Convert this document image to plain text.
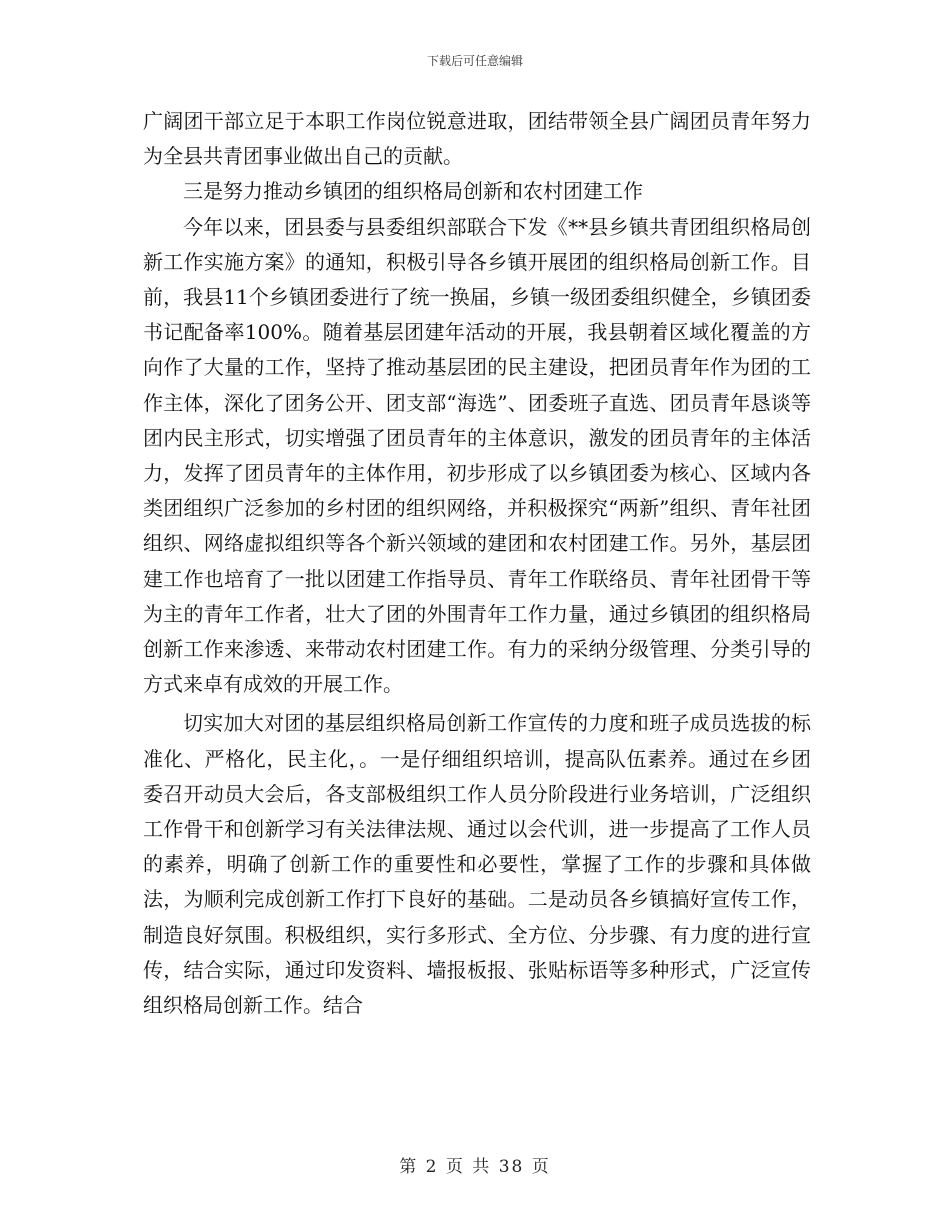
下载后可任意编辑

广阔团干部立足于本职工作岗位锐意进取，团结带领全县广阔团员青年努力为全县共青团事业做出自己的贡献。

三是努力推动乡镇团的组织格局创新和农村团建工作

今年以来，团县委与县委组织部联合下发《**县乡镇共青团组织格局创新工作实施方案》的通知，积极引导各乡镇开展团的组织格局创新工作。目前，我县11个乡镇团委进行了统一换届，乡镇一级团委组织健全，乡镇团委书记配备率100%。随着基层团建年活动的开展，我县朝着区域化覆盖的方向作了大量的工作，坚持了推动基层团的民主建设，把团员青年作为团的工作主体，深化了团务公开、团支部“海选”、团委班子直选、团员青年恳谈等团内民主形式，切实增强了团员青年的主体意识，激发的团员青年的主体活力，发挥了团员青年的主体作用，初步形成了以乡镇团委为核心、区域内各类团组织广泛参加的乡村团的组织网络，并积极探究“两新”组织、青年社团组织、网络虚拟组织等各个新兴领域的建团和农村团建工作。另外，基层团建工作也培育了一批以团建工作指导员、青年工作联络员、青年社团骨干等为主的青年工作者，壮大了团的外围青年工作力量，通过乡镇团的组织格局创新工作来渗透、来带动农村团建工作。有力的采纳分级管理、分类引导的方式来卓有成效的开展工作。

切实加大对团的基层组织格局创新工作宣传的力度和班子成员选拔的标准化、严格化，民主化，。一是仔细组织培训，提高队伍素养。通过在乡团委召开动员大会后，各支部极组织工作人员分阶段进行业务培训，广泛组织工作骨干和创新学习有关法律法规、通过以会代训，进一步提高了工作人员的素养，明确了创新工作的重要性和必要性，掌握了工作的步骤和具体做法，为顺利完成创新工作打下良好的基础。二是动员各乡镇搞好宣传工作，制造良好氛围。积极组织，实行多形式、全方位、分步骤、有力度的进行宣传，结合实际，通过印发资料、墙报板报、张贴标语等多种形式，广泛宣传组织格局创新工作。结合

第 2 页 共 38 页
